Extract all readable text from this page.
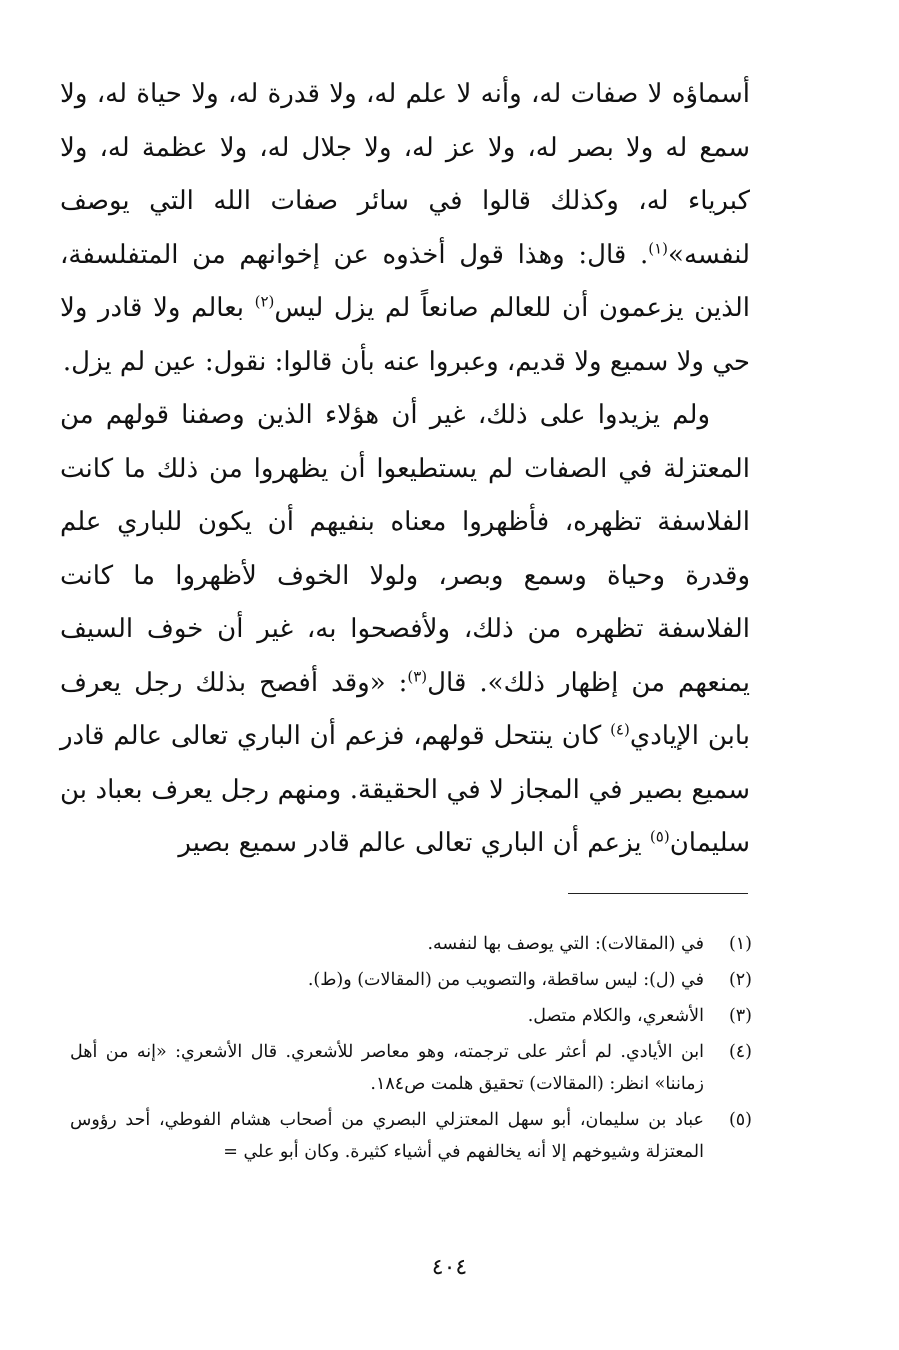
أسماؤه لا صفات له، وأنه لا علم له، ولا قدرة له، ولا حياة له، ولا سمع له ولا بصر له، ولا عز له، ولا جلال له، ولا عظمة له، ولا كبرياء له، وكذلك قالوا في سائر صفات الله التي يوصف لنفسه»$^{(١)}$. قال: وهذا قول أخذوه عن إخوانهم من المتفلسفة، الذين يزعمون أن للعالم صانعاً لم يزل ليس$^{(٢)}$ بعالم ولا قادر ولا حي ولا سميع ولا قديم، وعبروا عنه بأن قالوا: نقول: عين لم يزل.

ولم يزيدوا على ذلك، غير أن هؤلاء الذين وصفنا قولهم من المعتزلة في الصفات لم يستطيعوا أن يظهروا من ذلك ما كانت الفلاسفة تظهره، فأظهروا معناه بنفيهم أن يكون للباري علم وقدرة وحياة وسمع وبصر، ولولا الخوف لأظهروا ما كانت الفلاسفة تظهره من ذلك، ولأفصحوا به، غير أن خوف السيف يمنعهم من إظهار ذلك». قال$^{(٣)}$: «وقد أفصح بذلك رجل يعرف بابن الإيادي$^{(٤)}$ كان ينتحل قولهم، فزعم أن الباري تعالى عالم قادر سميع بصير في المجاز لا في الحقيقة. ومنهم رجل يعرف بعباد بن سليمان$^{(٥)}$ يزعم أن الباري تعالى عالم قادر سميع بصير

(١)
في (المقالات): التي يوصف بها لنفسه.
(٢)
في (ل): ليس ساقطة، والتصويب من (المقالات) و(ط).
(٣)
الأشعري، والكلام متصل.
(٤)
ابن الأيادي. لم أعثر على ترجمته، وهو معاصر للأشعري. قال الأشعري: «إنه من أهل زماننا» انظر: (المقالات) تحقيق هلمت ص١٨٤.
(٥)
عباد بن سليمان، أبو سهل المعتزلي البصري من أصحاب هشام الفوطي، أحد رؤوس المعتزلة وشيوخهم إلا أنه يخالفهم في أشياء كثيرة. وكان أبو علي =
٤٠٤
